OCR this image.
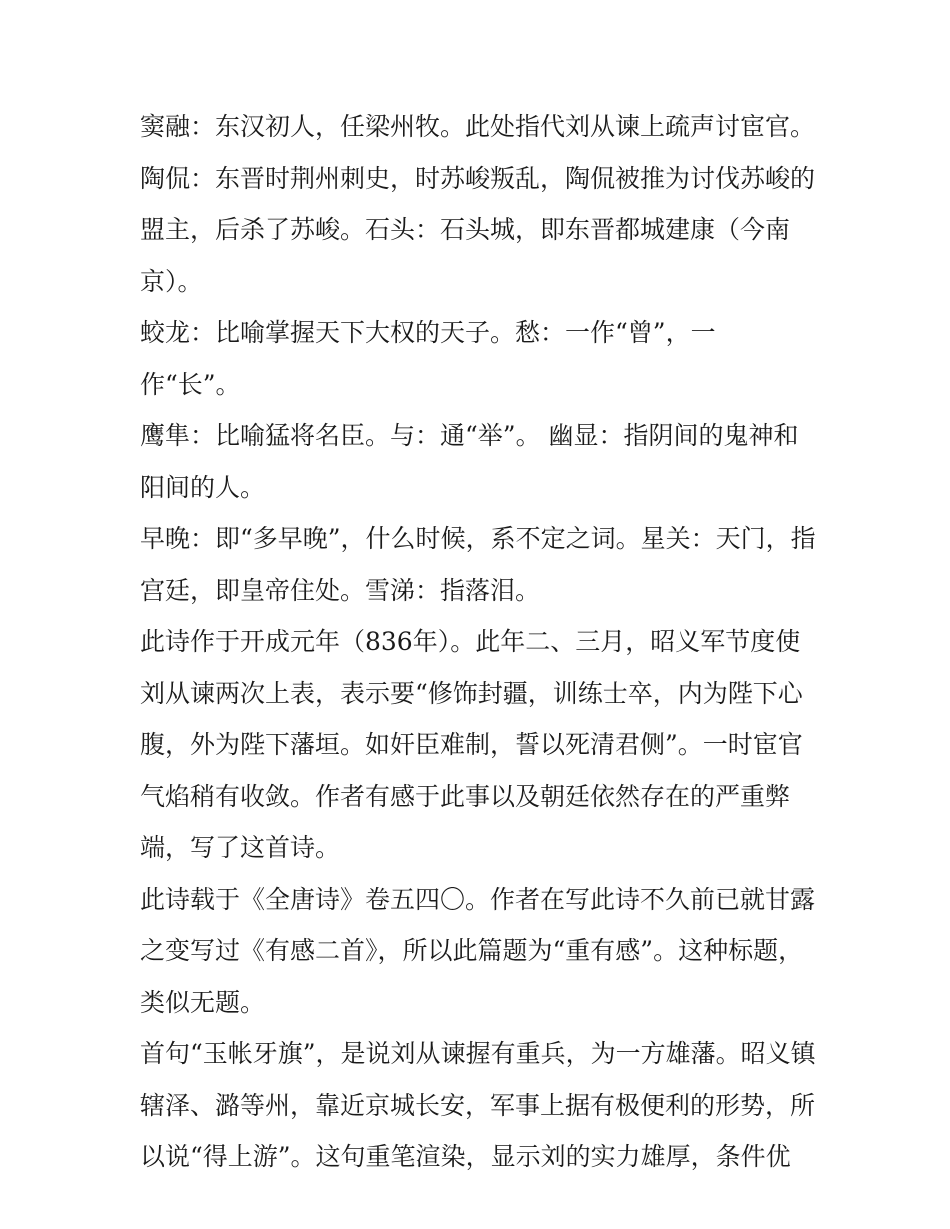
窦融：东汉初人，任梁州牧。此处指代刘从谏上疏声讨宦官。

陶侃：东晋时荆州刺史，时苏峻叛乱，陶侃被推为讨伐苏峻的盟主，后杀了苏峻。石头：石头城，即东晋都城建康（今南京）。

蛟龙：比喻掌握天下大权的天子。愁：一作“曾”，一作“长”。

鹰隼：比喻猛将名臣。与：通“举”。 幽显：指阴间的鬼神和阳间的人。

早晚：即“多早晚”，什么时候，系不定之词。星关：天门，指宫廷，即皇帝住处。雪涕：指落泪。

此诗作于开成元年（836年）。此年二、三月，昭义军节度使刘从谏两次上表，表示要“修饰封疆，训练士卒，内为陛下心腹，外为陛下藩垣。如奸臣难制，誓以死清君侧”。一时宦官气焰稍有收敛。作者有感于此事以及朝廷依然存在的严重弊端，写了这首诗。

此诗载于《全唐诗》卷五四〇。作者在写此诗不久前已就甘露之变写过《有感二首》，所以此篇题为“重有感”。这种标题，类似无题。

首句“玉帐牙旗”，是说刘从谏握有重兵，为一方雄藩。昭义镇辖泽、潞等州，靠近京城长安，军事上据有极便利的形势，所以说“得上游”。这句重笔渲染，显示刘的实力雄厚，条件优
